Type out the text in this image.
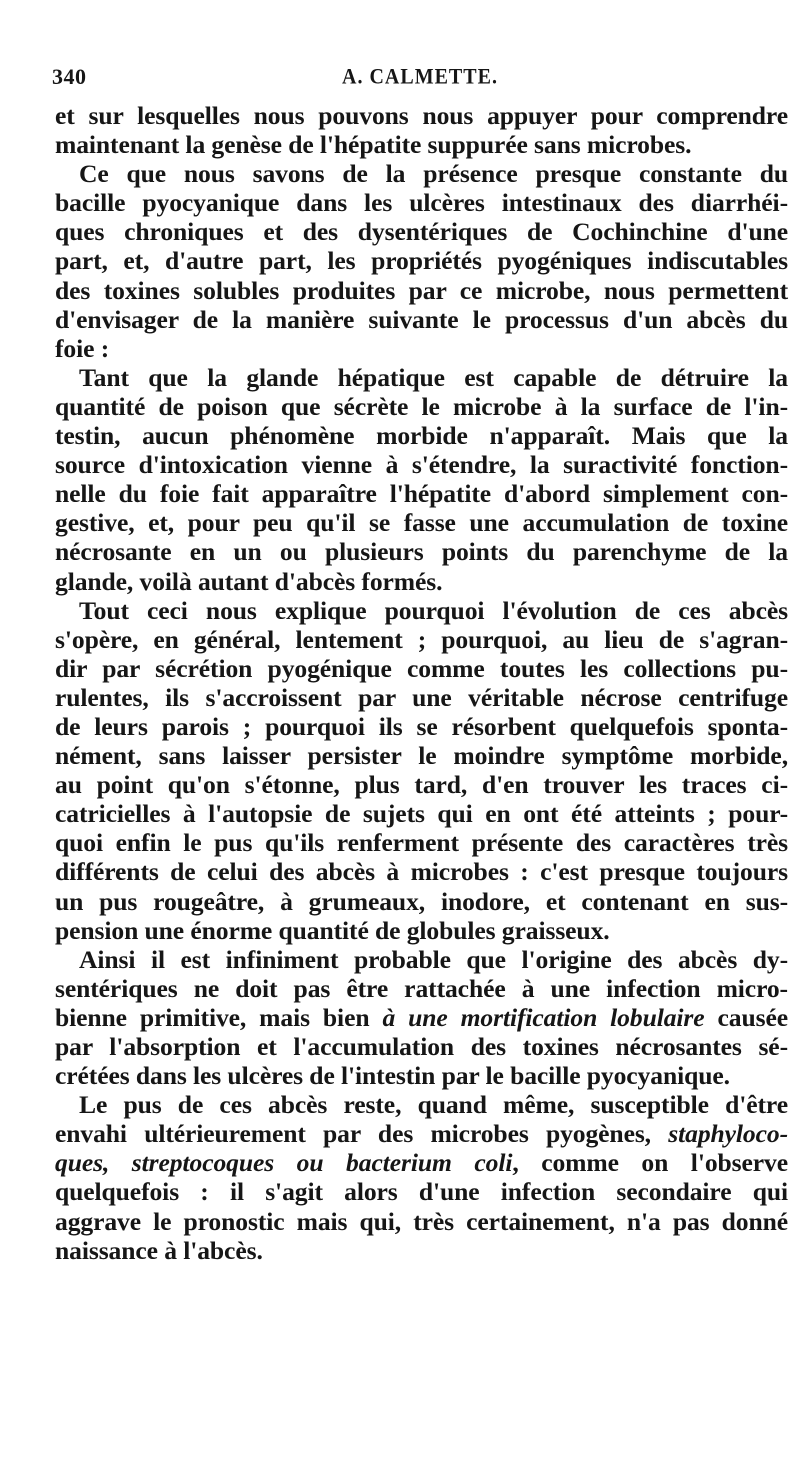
340	A. CALMETTE.
et sur lesquelles nous pouvons nous appuyer pour comprendre
maintenant la genèse de l'hépatite suppurée sans microbes.
Ce que nous savons de la présence presque constante du
bacille pyocyanique dans les ulcères intestinaux des diarrhéi-
ques chroniques et des dysentériques de Cochinchine d'une
part, et, d'autre part, les propriétés pyogéniques indiscutables
des toxines solubles produites par ce microbe, nous permettent
d'envisager de la manière suivante le processus d'un abcès du
foie :
Tant que la glande hépatique est capable de détruire la
quantité de poison que sécrète le microbe à la surface de l'in-
testin, aucun phénomène morbide n'apparaît. Mais que la
source d'intoxication vienne à s'étendre, la suractivité fonction-
nelle du foie fait apparaître l'hépatite d'abord simplement con-
gestive, et, pour peu qu'il se fasse une accumulation de toxine
nécrosante en un ou plusieurs points du parenchyme de la
glande, voilà autant d'abcès formés.
Tout ceci nous explique pourquoi l'évolution de ces abcès
s'opère, en général, lentement ; pourquoi, au lieu de s'agran-
dir par sécrétion pyogénique comme toutes les collections pu-
rulentes, ils s'accroissent par une véritable nécrose centrifuge
de leurs parois ; pourquoi ils se résorbent quelquefois sponta-
nément, sans laisser persister le moindre symptôme morbide,
au point qu'on s'étonne, plus tard, d'en trouver les traces ci-
catricielles à l'autopsie de sujets qui en ont été atteints ; pour-
quoi enfin le pus qu'ils renferment présente des caractères très
différents de celui des abcès à microbes : c'est presque toujours
un pus rougeâtre, à grumeaux, inodore, et contenant en sus-
pension une énorme quantité de globules graisseux.
Ainsi il est infiniment probable que l'origine des abcès dy-
sentériques ne doit pas être rattachée à une infection micro-
bienne primitive, mais bien à une mortification lobulaire causée
par l'absorption et l'accumulation des toxines nécrosantes sé-
crétées dans les ulcères de l'intestin par le bacille pyocyanique.
Le pus de ces abcès reste, quand même, susceptible d'être
envahi ultérieurement par des microbes pyogènes, staphyloco-
ques, streptocoques ou bacterium coli, comme on l'observe
quelquefois : il s'agit alors d'une infection secondaire qui
aggrave le pronostic mais qui, très certainement, n'a pas donné
naissance à l'abcès.
